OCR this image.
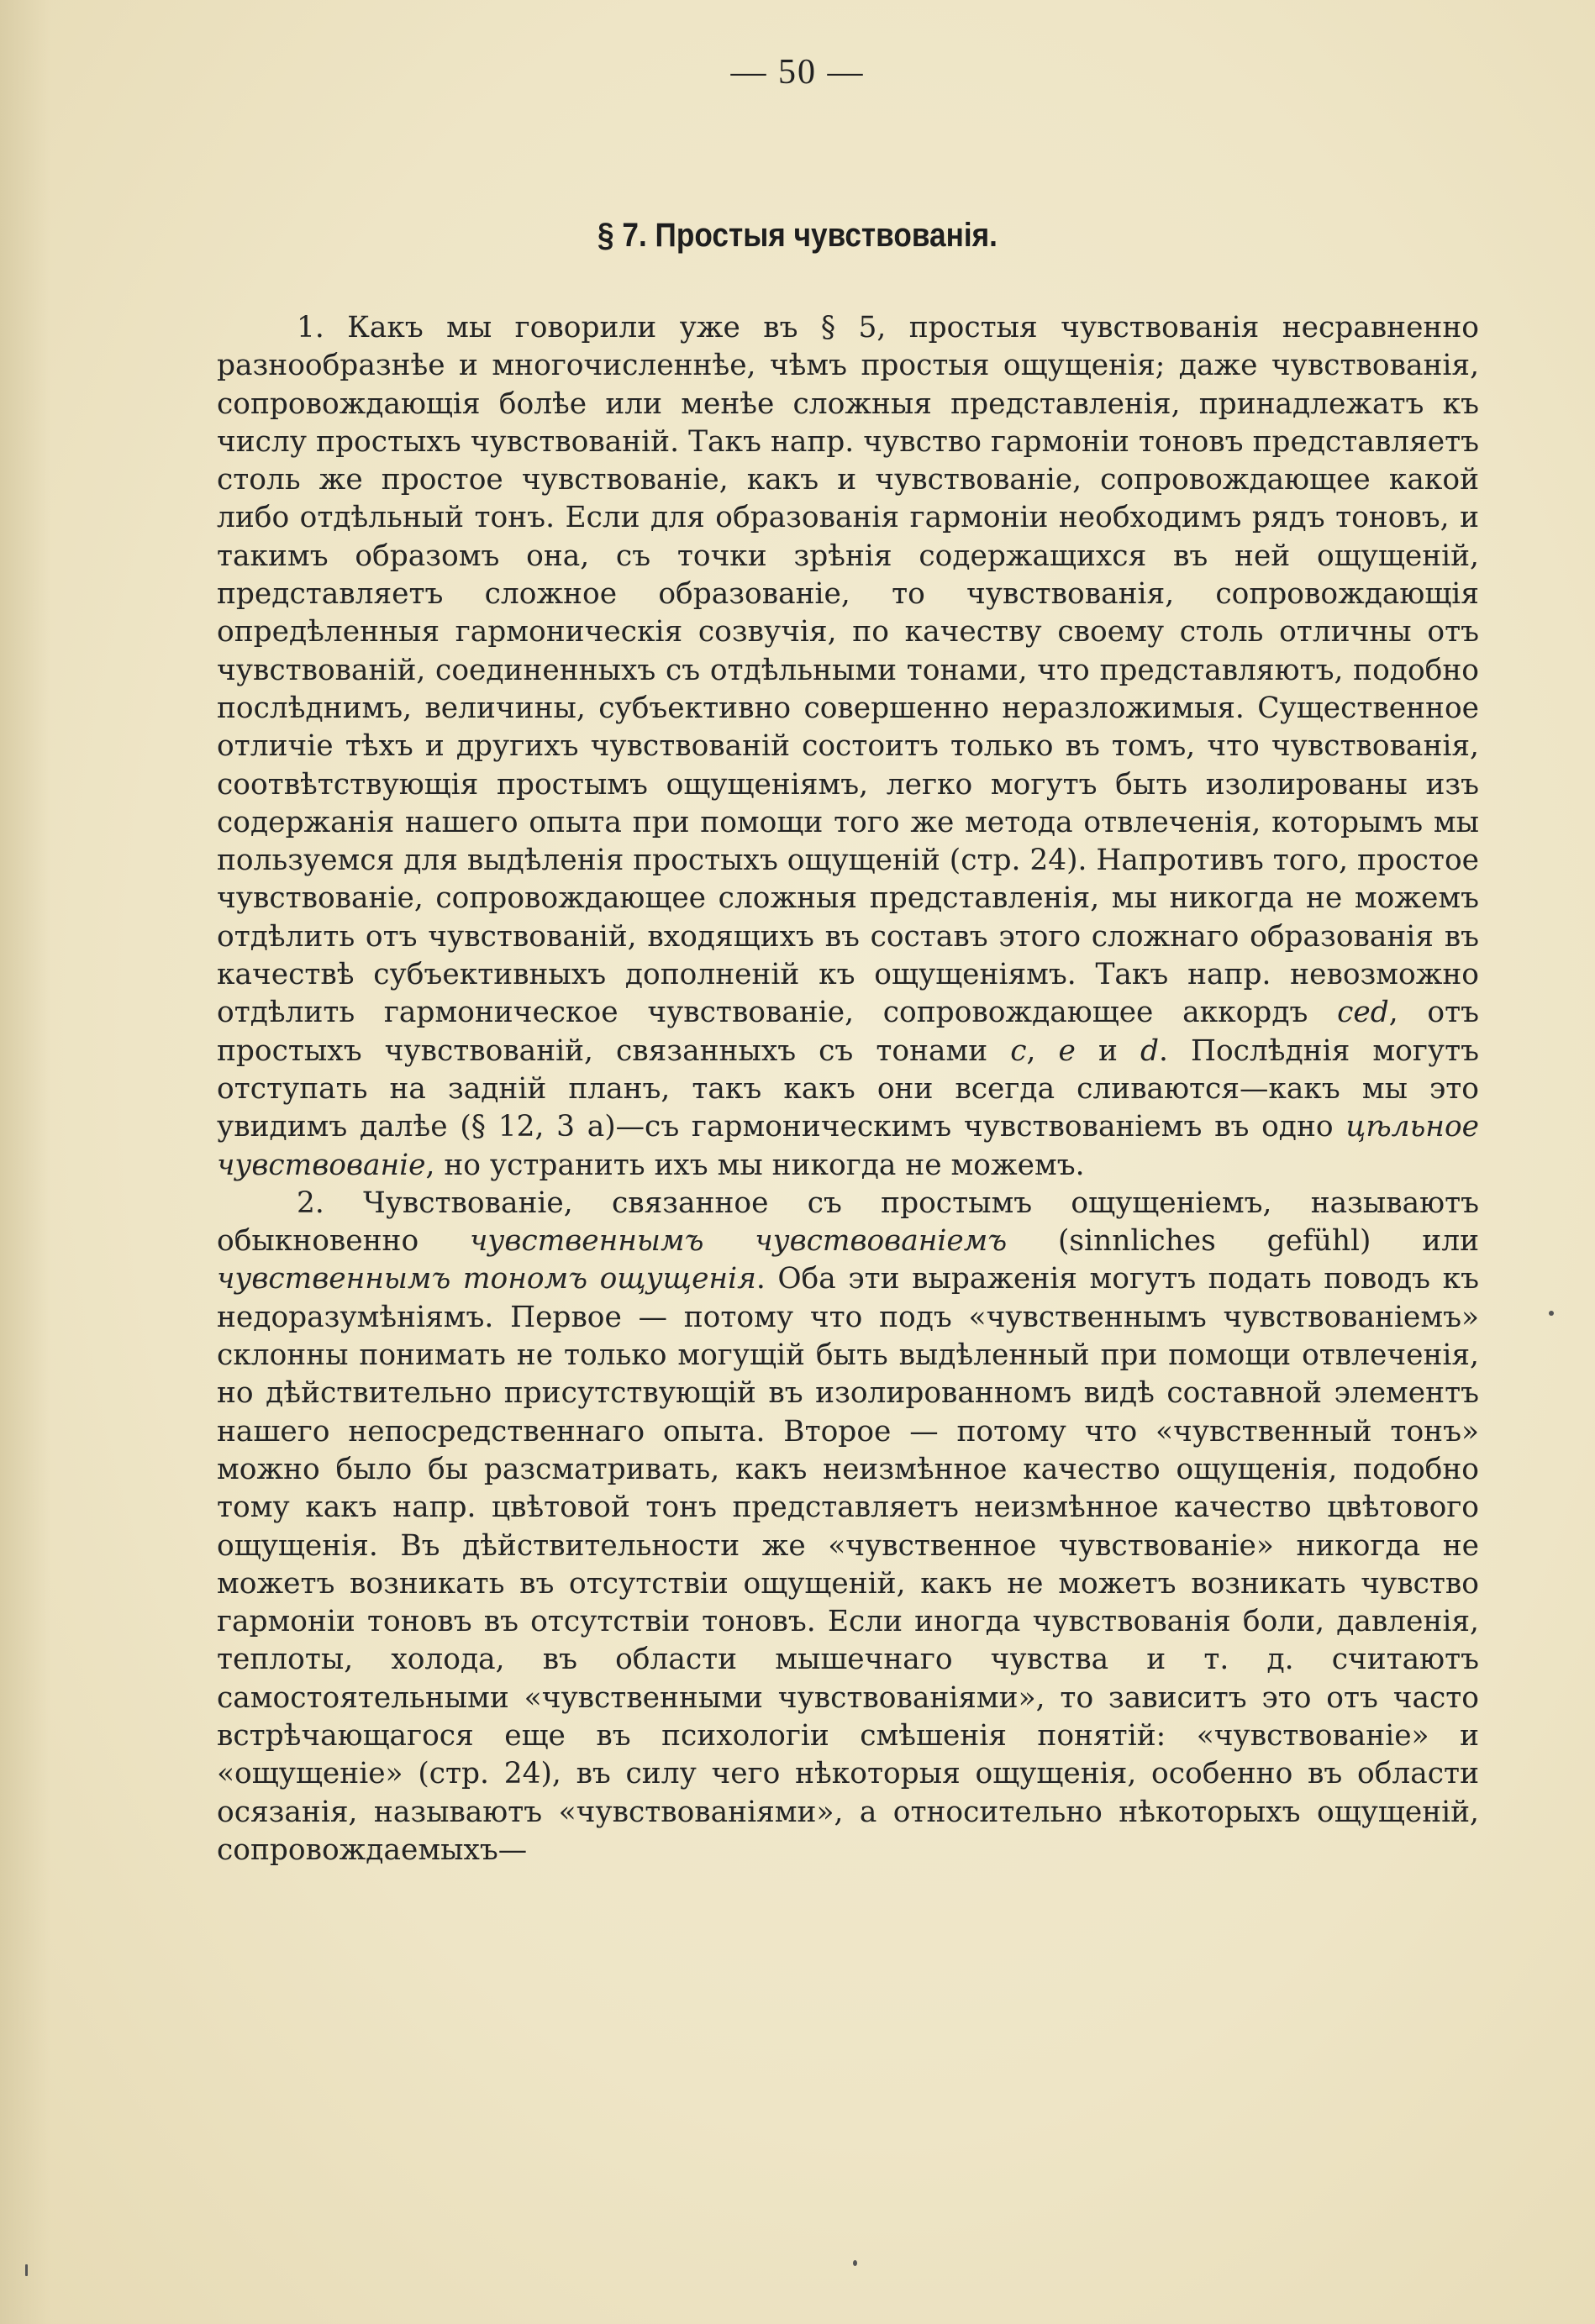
— 50 —
§ 7. Простыя чувствованія.

1. Какъ мы говорили уже въ § 5, простыя чувствованія несравненно разнообразнѣе и многочисленнѣе, чѣмъ простыя ощущенія; даже чувствованія, сопровождающія болѣе или менѣе сложныя представленія, принадлежатъ къ числу простыхъ чувствованій. Такъ напр. чувство гармоніи тоновъ представляетъ столь же простое чувствованіе, какъ и чувствованіе, сопровождающее какой либо отдѣльный тонъ. Если для образованія гармоніи необходимъ рядъ тоновъ, и такимъ образомъ она, съ точки зрѣнія содержащихся въ ней ощущеній, представляетъ сложное образованіе, то чувствованія, сопровождающія опредѣленныя гармоническія созвучія, по качеству своему столь отличны отъ чувствованій, соединенныхъ съ отдѣльными тонами, что представляютъ, подобно послѣднимъ, величины, субъективно совершенно неразложимыя. Существенное отличіе тѣхъ и другихъ чувствованій состоитъ только въ томъ, что чувствованія, соотвѣтствующія простымъ ощущеніямъ, легко могутъ быть изолированы изъ содержанія нашего опыта при помощи того же метода отвлеченія, которымъ мы пользуемся для выдѣленія простыхъ ощущеній (стр. 24). Напротивъ того, простое чувствованіе, сопровождающее сложныя представленія, мы никогда не можемъ отдѣлить отъ чувствованій, входящихъ въ составъ этого сложнаго образованія въ качествѣ субъективныхъ дополненій къ ощущеніямъ. Такъ напр. невозможно отдѣлить гармоническое чувствованіе, сопровождающее аккордъ ced, отъ простыхъ чувствованій, связанныхъ съ тонами c, e и d. Послѣднія могутъ отступать на задній планъ, такъ какъ они всегда сливаются—какъ мы это увидимъ далѣе (§ 12, 3 a)—съ гармоническимъ чувствованіемъ въ одно цѣльное чувствованіе, но устранить ихъ мы никогда не можемъ.

2. Чувствованіе, связанное съ простымъ ощущеніемъ, называютъ обыкновенно чувственнымъ чувствованіемъ (sinnliches gefühl) или чувственнымъ тономъ ощущенія. Оба эти выраженія могутъ подать поводъ къ недоразумѣніямъ. Первое — потому что подъ «чувственнымъ чувствованіемъ» склонны понимать не только могущій быть выдѣленный при помощи отвлеченія, но дѣйствительно присутствующій въ изолированномъ видѣ составной элементъ нашего непосредственнаго опыта. Второе — потому что «чувственный тонъ» можно было бы разсматривать, какъ неизмѣнное качество ощущенія, подобно тому какъ напр. цвѣтовой тонъ представляетъ неизмѣнное качество цвѣтового ощущенія. Въ дѣйствительности же «чувственное чувствованіе» никогда не можетъ возникать въ отсутствіи ощущеній, какъ не можетъ возникать чувство гармоніи тоновъ въ отсутствіи тоновъ. Если иногда чувствованія боли, давленія, теплоты, холода, въ области мышечнаго чувства и т. д. считаютъ самостоятельными «чувственными чувствованіями», то зависитъ это отъ часто встрѣчающагося еще въ психологіи смѣшенія понятій: «чувствованіе» и «ощущеніе» (стр. 24), въ силу чего нѣкоторыя ощущенія, особенно въ области осязанія, называютъ «чувствованіями», а относительно нѣкоторыхъ ощущеній, сопровождаемыхъ—
